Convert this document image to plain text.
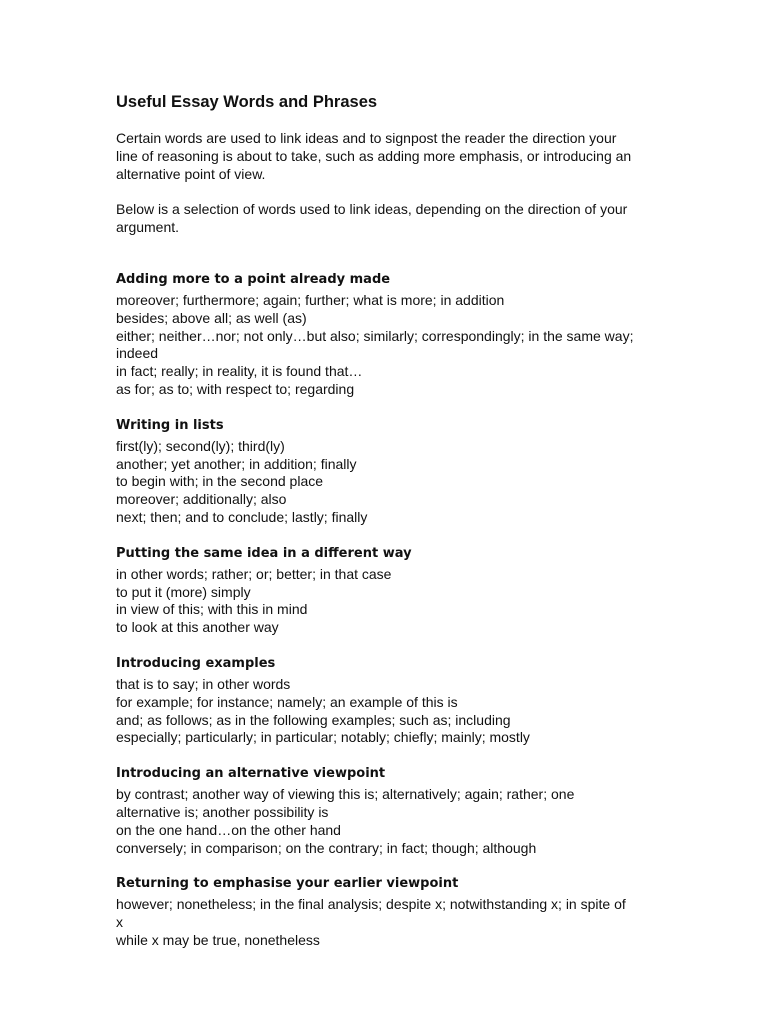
Useful Essay Words and Phrases

Certain words are used to link ideas and to signpost the reader the direction your line of reasoning is about to take, such as adding more emphasis, or introducing an alternative point of view.

Below is a selection of words used to link ideas, depending on the direction of your argument.

Adding more to a point already made
moreover; furthermore; again; further; what is more; in addition
besides; above all; as well (as)
either; neither…nor; not only…but also; similarly; correspondingly; in the same way; indeed
in fact; really; in reality, it is found that…
as for; as to; with respect to; regarding
Writing in lists
first(ly); second(ly); third(ly)
another; yet another; in addition; finally
to begin with; in the second place
moreover; additionally; also
next; then; and to conclude; lastly; finally
Putting the same idea in a different way
in other words; rather; or; better; in that case
to put it (more) simply
in view of this; with this in mind
to look at this another way
Introducing examples
that is to say; in other words
for example; for instance; namely; an example of this is
and; as follows; as in the following examples; such as; including
especially; particularly; in particular; notably; chiefly; mainly; mostly
Introducing an alternative viewpoint
by contrast; another way of viewing this is; alternatively; again; rather; one alternative is; another possibility is
on the one hand…on the other hand
conversely; in comparison; on the contrary; in fact; though; although
Returning to emphasise your earlier viewpoint
however; nonetheless; in the final analysis; despite x; notwithstanding x; in spite of x
while x may be true, nonetheless
